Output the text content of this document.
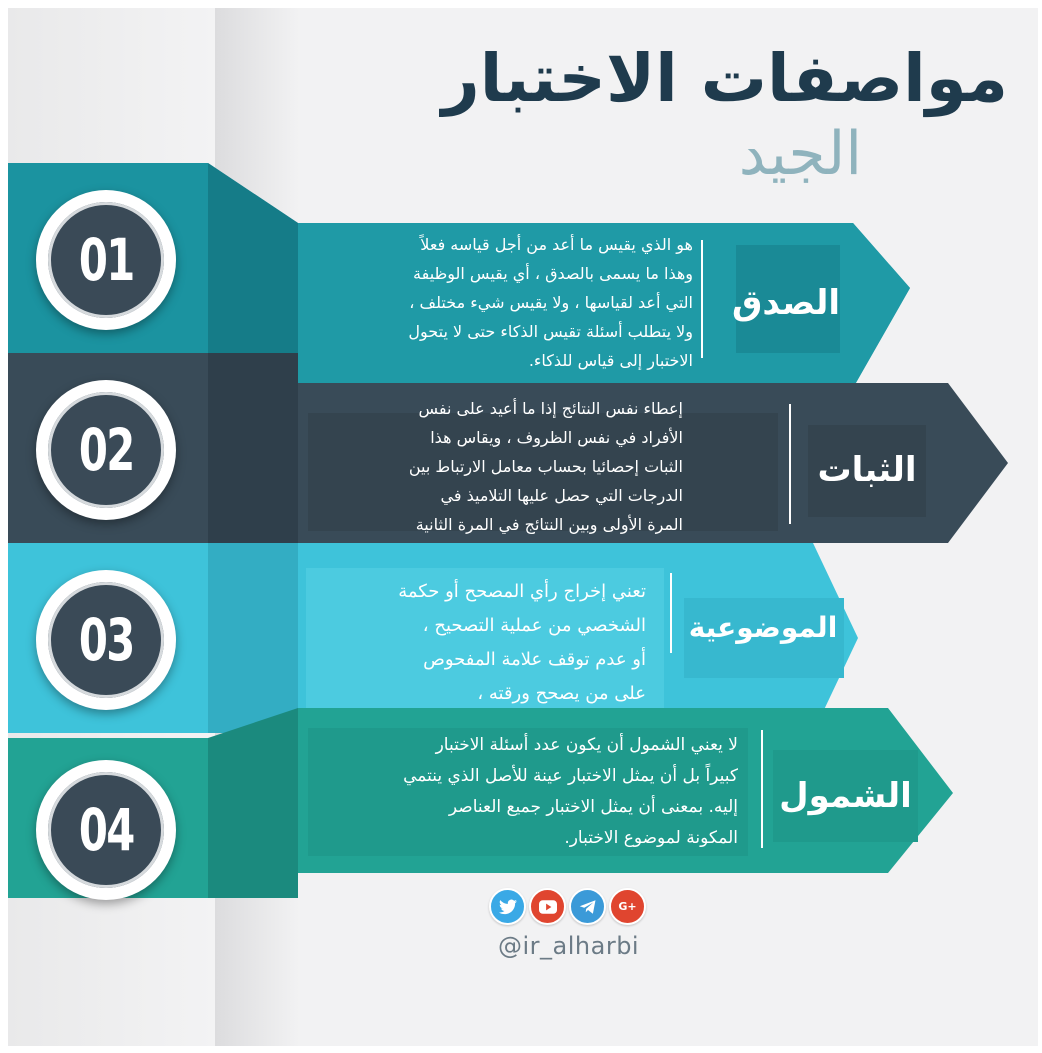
مواصفات الاختبار
الجيد
01
02
03
04
الصدق
الثبات
الموضوعية
الشمول
هو الذي يقيس ما أعد من أجل قياسه فعلاً
وهذا ما يسمى بالصدق ، أي يقيس الوظيفة
التي أعد لقياسها ، ولا يقيس شيء مختلف ،
ولا يتطلب أسئلة تقيس الذكاء حتى لا يتحول
الاختبار إلى قياس للذكاء.
إعطاء نفس النتائج إذا ما أعيد على نفس
الأفراد في نفس الظروف ، ويقاس هذا
الثبات إحصائيا بحساب معامل الارتباط بين
الدرجات التي حصل عليها التلاميذ في
المرة الأولى وبين النتائج في المرة الثانية
تعني إخراج رأي المصحح أو حكمة
الشخصي من عملية التصحيح ،
أو عدم توقف علامة المفحوص
على من يصحح ورقته ،
لا يعني الشمول أن يكون عدد أسئلة الاختبار
كبيراً بل أن يمثل الاختبار عينة للأصل الذي ينتمي
إليه. بمعنى أن يمثل الاختبار جميع العناصر
المكونة لموضوع الاختبار.
G+
@ir_alharbi
